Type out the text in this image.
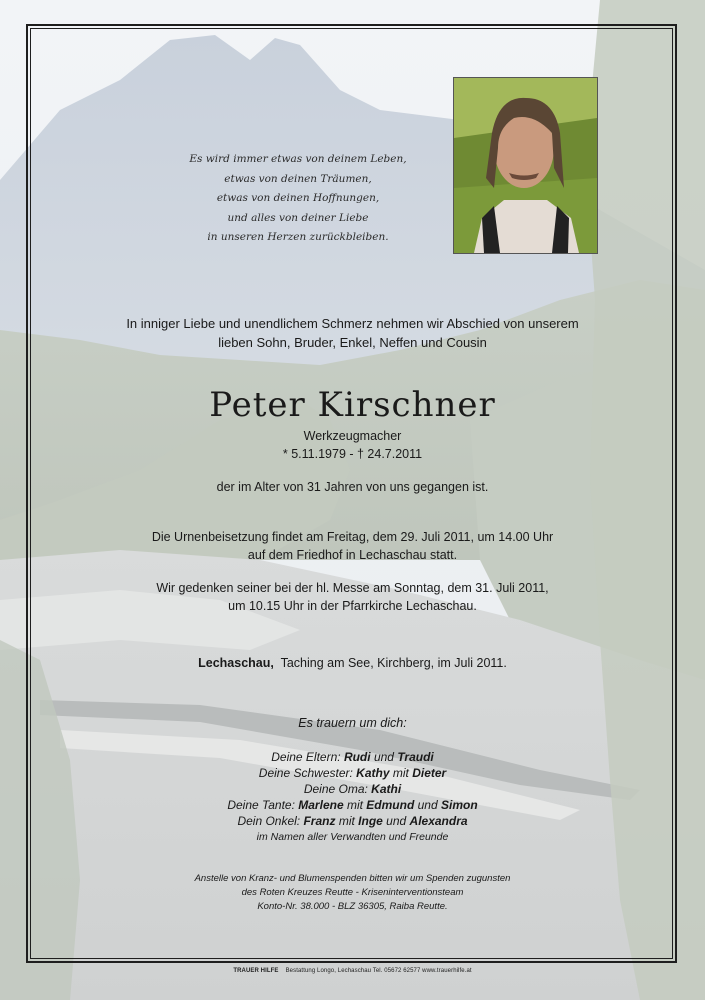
Es wird immer etwas von deinem Leben,
etwas von deinen Träumen,
etwas von deinen Hoffnungen,
und alles von deiner Liebe
in unseren Herzen zurückbleiben.
In inniger Liebe und unendlichem Schmerz nehmen wir Abschied von unserem
lieben Sohn, Bruder, Enkel, Neffen und Cousin
Peter Kirschner
Werkzeugmacher
* 5.11.1979 - † 24.7.2011
der im Alter von 31 Jahren von uns gegangen ist.
Die Urnenbeisetzung findet am Freitag, dem 29. Juli 2011, um 14.00 Uhr
auf dem Friedhof in Lechaschau statt.
Wir gedenken seiner bei der hl. Messe am Sonntag, dem 31. Juli 2011,
um 10.15 Uhr in der Pfarrkirche Lechaschau.
Lechaschau,  Taching am See, Kirchberg, im Juli 2011.
Es trauern um dich:
Deine Eltern: Rudi und Traudi
Deine Schwester: Kathy mit Dieter
Deine Oma: Kathi
Deine Tante: Marlene mit Edmund und Simon
Dein Onkel: Franz mit Inge und Alexandra
im Namen aller Verwandten und Freunde
Anstelle von Kranz- und Blumenspenden bitten wir um Spenden zugunsten
des Roten Kreuzes Reutte - Kriseninterventionsteam
Konto-Nr. 38.000 - BLZ 36305, Raiba Reutte.
TRAUER HILFE    Bestattung Longo, Lechaschau Tel. 05672 62577 www.trauerhilfe.at
